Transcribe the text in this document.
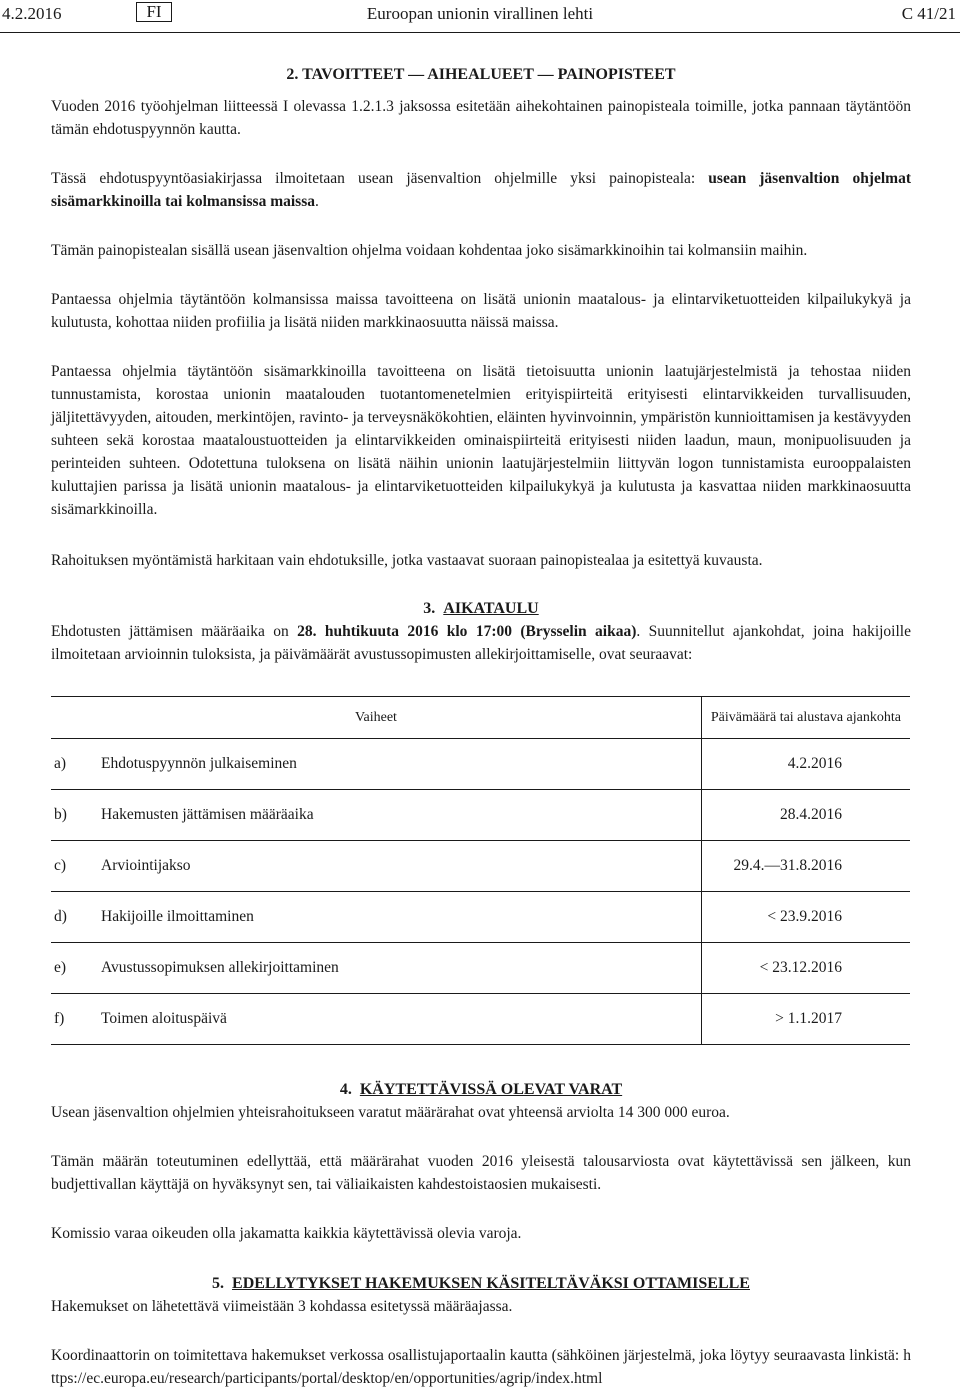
4.2.2016	FI	Euroopan unionin virallinen lehti	C 41/21

2. TAVOITTEET — AIHEALUEET — PAINOPISTEET

Vuoden 2016 työohjelman liitteessä I olevassa 1.2.1.3 jaksossa esitetään aihekohtainen painopisteala toimille, jotka pannaan täytäntöön tämän ehdotuspyynnön kautta.

Tässä ehdotuspyyntöasiakirjassa ilmoitetaan usean jäsenvaltion ohjelmille yksi painopisteala: usean jäsenvaltion ohjelmat sisämarkkinoilla tai kolmansissa maissa.

Tämän painopistealan sisällä usean jäsenvaltion ohjelma voidaan kohdentaa joko sisämarkkinoihin tai kolmansiin maihin.

Pantaessa ohjelmia täytäntöön kolmansissa maissa tavoitteena on lisätä unionin maatalous- ja elintarviketuotteiden kilpailukykyä ja kulutusta, kohottaa niiden profiilia ja lisätä niiden markkinaosuutta näissä maissa.

Pantaessa ohjelmia täytäntöön sisämarkkinoilla tavoitteena on lisätä tietoisuutta unionin laatujärjestelmistä ja tehostaa niiden tunnustamista, korostaa unionin maatalouden tuotantomenetelmien erityispiirteitä erityisesti elintarvikkeiden turvallisuuden, jäljitettävyyden, aitouden, merkintöjen, ravinto- ja terveysnäkökohtien, eläinten hyvinvoinnin, ympäristön kunnioittamisen ja kestävyyden suhteen sekä korostaa maataloustuotteiden ja elintarvikkeiden ominaispiirteitä erityisesti niiden laadun, maun, monipuolisuuden ja perinteiden suhteen. Odotettuna tuloksena on lisätä näihin unionin laatujärjestelmiin liittyvän logon tunnistamista eurooppalaisten kuluttajien parissa ja lisätä unionin maatalous- ja elintarviketuotteiden kilpailukykyä ja kulutusta ja kasvattaa niiden markkinaosuutta sisämarkkinoilla.

Rahoituksen myöntämistä harkitaan vain ehdotuksille, jotka vastaavat suoraan painopistealaa ja esitettyä kuvausta.

3. AIKATAULU

Ehdotusten jättämisen määräaika on 28. huhtikuuta 2016 klo 17:00 (Brysselin aikaa). Suunnitellut ajankohdat, joina hakijoille ilmoitetaan arvioinnin tuloksista, ja päivämäärät avustussopimusten allekirjoittamiselle, ovat seuraavat:

Vaiheet		Päivämäärä tai alustava ajankohta
a)	Ehdotuspyynnön julkaiseminen	4.2.2016
b)	Hakemusten jättämisen määräaika	28.4.2016
c)	Arviointijakso	29.4.—31.8.2016
d)	Hakijoille ilmoittaminen	< 23.9.2016
e)	Avustussopimuksen allekirjoittaminen	< 23.12.2016
f)	Toimen aloituspäivä	> 1.1.2017

4. KÄYTETTÄVISSÄ OLEVAT VARAT

Usean jäsenvaltion ohjelmien yhteisrahoitukseen varatut määrärahat ovat yhteensä arviolta 14 300 000 euroa.

Tämän määrän toteutuminen edellyttää, että määrärahat vuoden 2016 yleisestä talousarviosta ovat käytettävissä sen jälkeen, kun budjettivallan käyttäjä on hyväksynyt sen, tai väliaikaisten kahdestoistaosien mukaisesti.

Komissio varaa oikeuden olla jakamatta kaikkia käytettävissä olevia varoja.

5. EDELLYTYKSET HAKEMUKSEN KÄSITELTÄVÄKSI OTTAMISELLE

Hakemukset on lähetettävä viimeistään 3 kohdassa esitetyssä määräajassa.

Koordinaattorin on toimitettava hakemukset verkossa osallistujaportaalin kautta (sähköinen järjestelmä, joka löytyy seuraavasta linkistä: https://ec.europa.eu/research/participants/portal/desktop/en/opportunities/agrip/index.html
